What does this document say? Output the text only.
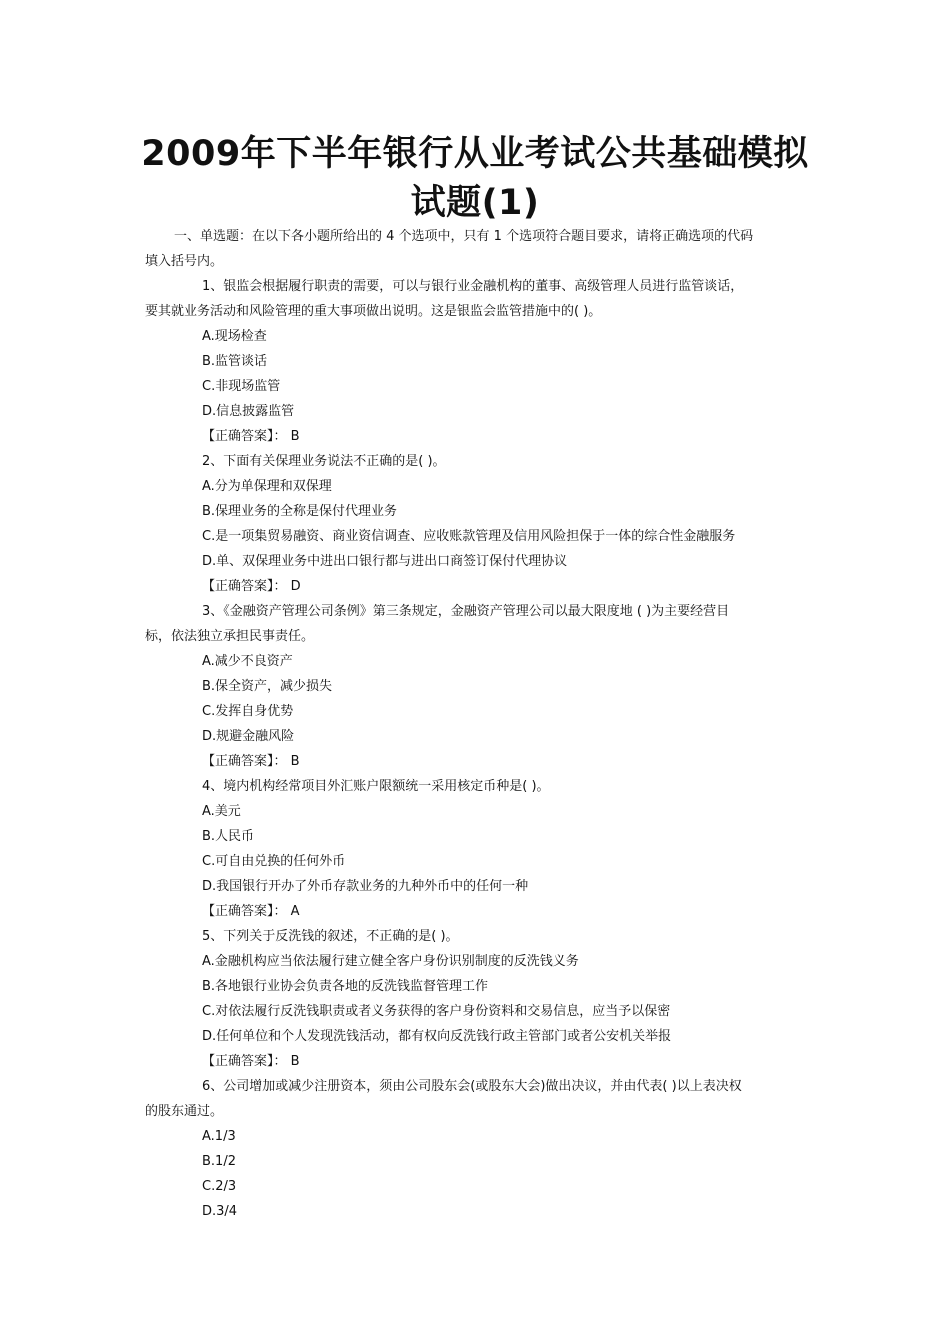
2009年下半年银行从业考试公共基础模拟
试题(1)
一、单选题：在以下各小题所给出的 4 个选项中，只有 1 个选项符合题目要求，请将正确选项的代码
填入括号内。
1、银监会根据履行职责的需要，可以与银行业金融机构的董事、高级管理人员进行监管谈话，
要其就业务活动和风险管理的重大事项做出说明。这是银监会监管措施中的( )。
A.现场检查
B.监管谈话
C.非现场监管
D.信息披露监管
【正确答案】： B
2、下面有关保理业务说法不正确的是( )。
A.分为单保理和双保理
B.保理业务的全称是保付代理业务
C.是一项集贸易融资、商业资信调查、应收账款管理及信用风险担保于一体的综合性金融服务
D.单、双保理业务中进出口银行都与进出口商签订保付代理协议
【正确答案】： D
3、《金融资产管理公司条例》第三条规定，金融资产管理公司以最大限度地 ( )为主要经营目
标，依法独立承担民事责任。
A.减少不良资产
B.保全资产，减少损失
C.发挥自身优势
D.规避金融风险
【正确答案】： B
4、境内机构经常项目外汇账户限额统一采用核定币种是( )。
A.美元
B.人民币
C.可自由兑换的任何外币
D.我国银行开办了外币存款业务的九种外币中的任何一种
【正确答案】： A
5、下列关于反洗钱的叙述，不正确的是( )。
A.金融机构应当依法履行建立健全客户身份识别制度的反洗钱义务
B.各地银行业协会负责各地的反洗钱监督管理工作
C.对依法履行反洗钱职责或者义务获得的客户身份资料和交易信息，应当予以保密
D.任何单位和个人发现洗钱活动，都有权向反洗钱行政主管部门或者公安机关举报
【正确答案】： B
6、公司增加或减少注册资本，须由公司股东会(或股东大会)做出决议，并由代表( )以上表决权
的股东通过。
A.1/3
B.1/2
C.2/3
D.3/4
